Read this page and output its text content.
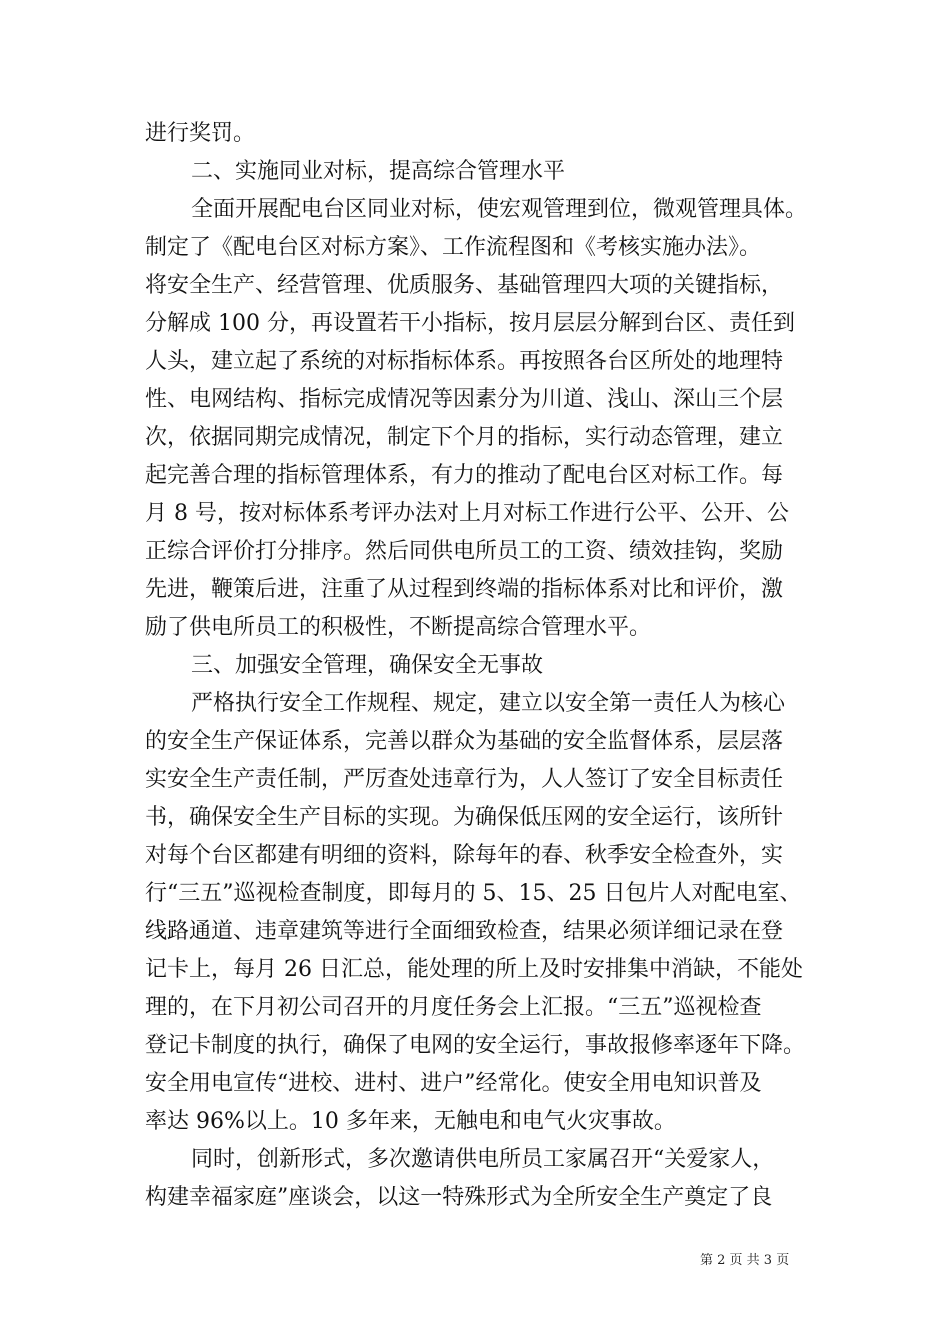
进行奖罚。
二、实施同业对标，提高综合管理水平
全面开展配电台区同业对标，使宏观管理到位，微观管理具体。
制定了《配电台区对标方案》、工作流程图和《考核实施办法》。
将安全生产、经营管理、优质服务、基础管理四大项的关键指标，
分解成 100 分，再设置若干小指标，按月层层分解到台区、责任到
人头，建立起了系统的对标指标体系。再按照各台区所处的地理特
性、电网结构、指标完成情况等因素分为川道、浅山、深山三个层
次，依据同期完成情况，制定下个月的指标，实行动态管理，建立
起完善合理的指标管理体系，有力的推动了配电台区对标工作。每
月 8 号，按对标体系考评办法对上月对标工作进行公平、公开、公
正综合评价打分排序。然后同供电所员工的工资、绩效挂钩，奖励
先进，鞭策后进，注重了从过程到终端的指标体系对比和评价，激
励了供电所员工的积极性，不断提高综合管理水平。
三、加强安全管理，确保安全无事故
严格执行安全工作规程、规定，建立以安全第一责任人为核心
的安全生产保证体系，完善以群众为基础的安全监督体系，层层落
实安全生产责任制，严厉查处违章行为，人人签订了安全目标责任
书，确保安全生产目标的实现。为确保低压网的安全运行，该所针
对每个台区都建有明细的资料，除每年的春、秋季安全检查外，实
行“三五”巡视检查制度，即每月的 5、15、25 日包片人对配电室、
线路通道、违章建筑等进行全面细致检查，结果必须详细记录在登
记卡上，每月 26 日汇总，能处理的所上及时安排集中消缺，不能处
理的，在下月初公司召开的月度任务会上汇报。“三五”巡视检查
登记卡制度的执行，确保了电网的安全运行，事故报修率逐年下降。
安全用电宣传“进校、进村、进户”经常化。使安全用电知识普及
率达 96%以上。10 多年来，无触电和电气火灾事故。
同时，创新形式，多次邀请供电所员工家属召开“关爱家人，
构建幸福家庭”座谈会，以这一特殊形式为全所安全生产奠定了良
第 2 页 共 3 页
